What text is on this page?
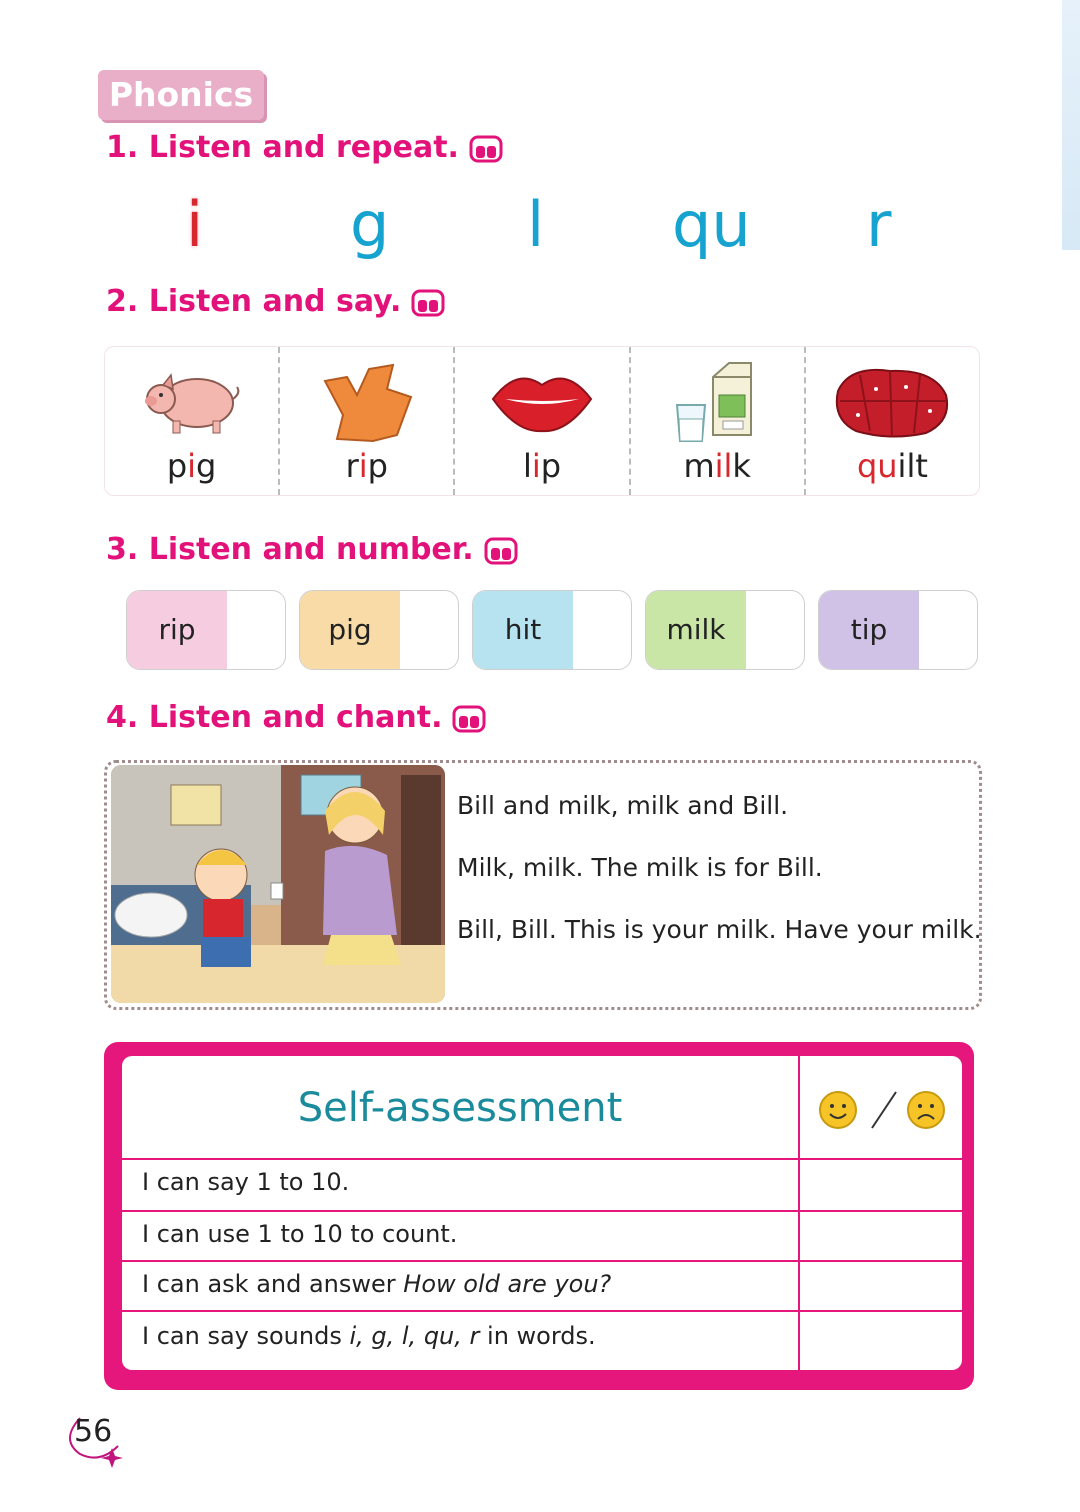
Phonics
1. Listen and repeat.
i g l qu r
2. Listen and say.
pig	rip	lip	milk	quilt
3. Listen and number.
rip	pig	hit	milk	tip
4. Listen and chant.
Bill and milk, milk and Bill.
Milk, milk. The milk is for Bill.
Bill, Bill. This is your milk. Have your milk.
Self-assessment
I can say 1 to 10.
I can use 1 to 10 to count.
I can ask and answer How old are you?
I can say sounds i, g, l, qu, r in words.
56
